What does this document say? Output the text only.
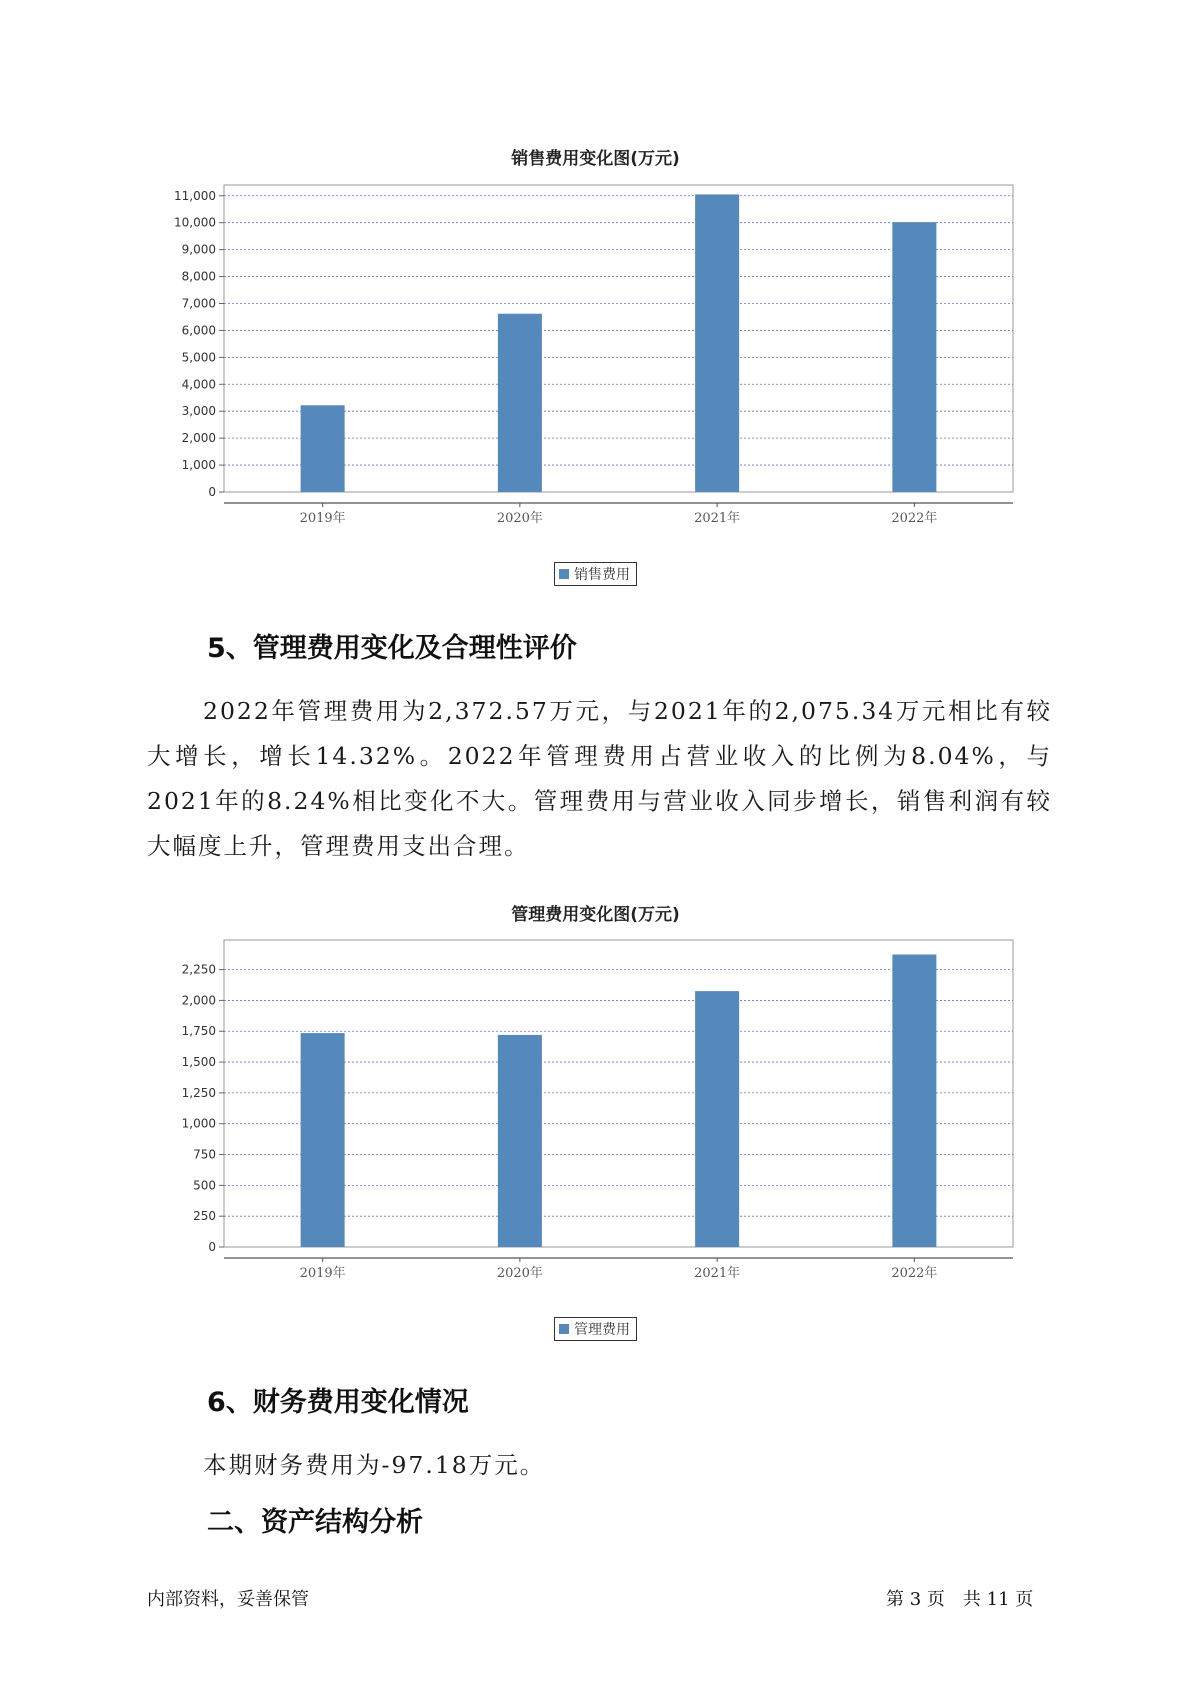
销售费用变化图(万元)
0
1,000
2,000
3,000
4,000
5,000
6,000
7,000
8,000
9,000
10,000
11,000
2019年	2020年	2021年	2022年
销售费用
5、管理费用变化及合理性评价

2022年管理费用为2,372.57万元，与2021年的2,075.34万元相比有较大增长，增长14.32%。2022年管理费用占营业收入的比例为8.04%，与2021年的8.24%相比变化不大。管理费用与营业收入同步增长，销售利润有较大幅度上升，管理费用支出合理。

管理费用变化图(万元)
0
250
500
750
1,000
1,250
1,500
1,750
2,000
2,250
2019年	2020年	2021年	2022年
管理费用
6、财务费用变化情况

本期财务费用为-97.18万元。

二、资产结构分析
内部资料，妥善保管	第 3 页　共 11 页
